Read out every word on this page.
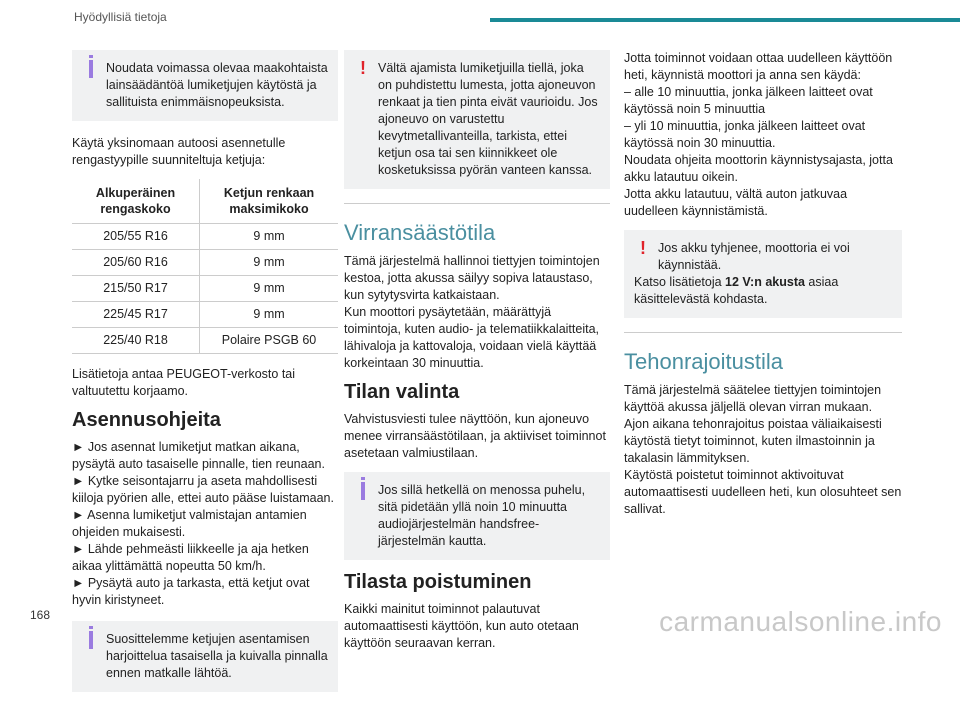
Hyödyllisiä tietoja
Noudata voimassa olevaa maakohtaista lainsäädäntöä lumiketjujen käytöstä ja sallituista enimmäisnopeuksista.

Käytä yksinomaan autoosi asennetulle rengastyypille suunniteltuja ketjuja:

Alkuperäinen rengaskoko	Ketjun renkaan maksimikoko
205/55 R16	9 mm
205/60 R16	9 mm
215/50 R17	9 mm
225/45 R17	9 mm
225/40 R18	Polaire PSGB 60

Lisätietoja antaa PEUGEOT-verkosto tai valtuutettu korjaamo.

Asennusohjeita
► Jos asennat lumiketjut matkan aikana, pysäytä auto tasaiselle pinnalle, tien reunaan.
► Kytke seisontajarru ja aseta mahdollisesti kiiloja pyörien alle, ettei auto pääse luistamaan.
► Asenna lumiketjut valmistajan antamien ohjeiden mukaisesti.
► Lähde pehmeästi liikkeelle ja aja hetken aikaa ylittämättä nopeutta 50 km/h.
► Pysäytä auto ja tarkasta, että ketjut ovat hyvin kiristyneet.
Suosittelemme ketjujen asentamisen harjoittelua tasaisella ja kuivalla pinnalla ennen matkalle lähtöä.
! Vältä ajamista lumiketjuilla tiellä, joka on puhdistettu lumesta, jotta ajoneuvon renkaat ja tien pinta eivät vaurioidu. Jos ajoneuvo on varustettu kevytmetallivanteilla, tarkista, ettei ketjun osa tai sen kiinnikkeet ole kosketuksissa pyörän vanteen kanssa.
Virransäästötila

Tämä järjestelmä hallinnoi tiettyjen toimintojen kestoa, jotta akussa säilyy sopiva lataustaso, kun sytytysvirta katkaistaan.
Kun moottori pysäytetään, määrättyjä toimintoja, kuten audio- ja telematiikkalaitteita, lähivaloja ja kattovaloja, voidaan vielä käyttää korkeintaan 30 minuuttia.

Tilan valinta

Vahvistusviesti tulee näyttöön, kun ajoneuvo menee virransäästötilaan, ja aktiiviset toiminnot asetetaan valmiustilaan.

Jos sillä hetkellä on menossa puhelu, sitä pidetään yllä noin 10 minuutta audiojärjestelmän handsfree-järjestelmän kautta.
Tilasta poistuminen

Kaikki mainitut toiminnot palautuvat automaattisesti käyttöön, kun auto otetaan käyttöön seuraavan kerran.

Jotta toiminnot voidaan ottaa uudelleen käyttöön heti, käynnistä moottori ja anna sen käydä:
– alle 10 minuuttia, jonka jälkeen laitteet ovat käytössä noin 5 minuuttia
– yli 10 minuuttia, jonka jälkeen laitteet ovat käytössä noin 30 minuuttia.
Noudata ohjeita moottorin käynnistysajasta, jotta akku latautuu oikein.
Jotta akku latautuu, vältä auton jatkuvaa uudelleen käynnistämistä.

! Jos akku tyhjenee, moottoria ei voi käynnistää.
Katso lisätietoja 12 V:n akusta asiaa käsittelevästä kohdasta.
Tehonrajoitustila

Tämä järjestelmä säätelee tiettyjen toimintojen käyttöä akussa jäljellä olevan virran mukaan.
Ajon aikana tehonrajoitus poistaa väliaikaisesti käytöstä tietyt toiminnot, kuten ilmastoinnin ja takalasin lämmityksen.
Käytöstä poistetut toiminnot aktivoituvat automaattisesti uudelleen heti, kun olosuhteet sen sallivat.

168	carmanualsonline.info
